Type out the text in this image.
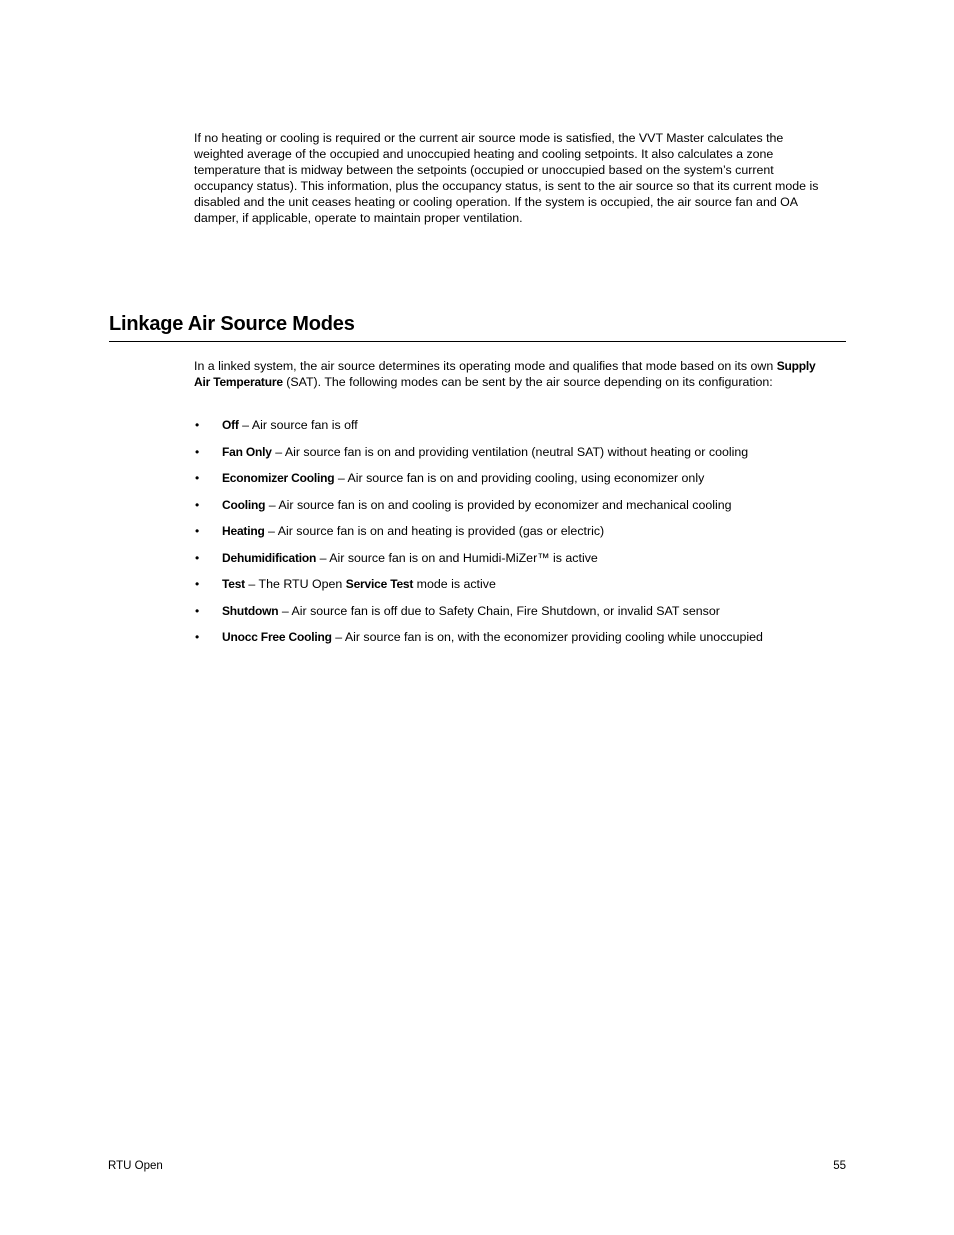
If no heating or cooling is required or the current air source mode is satisfied, the VVT Master calculates the weighted average of the occupied and unoccupied heating and cooling setpoints. It also calculates a zone temperature that is midway between the setpoints (occupied or unoccupied based on the system’s current occupancy status). This information, plus the occupancy status, is sent to the air source so that its current mode is disabled and the unit ceases heating or cooling operation. If the system is occupied, the air source fan and OA damper, if applicable, operate to maintain proper ventilation.

Linkage Air Source Modes

In a linked system, the air source determines its operating mode and qualifies that mode based on its own Supply Air Temperature (SAT). The following modes can be sent by the air source depending on its configuration:

• Off – Air source fan is off
• Fan Only – Air source fan is on and providing ventilation (neutral SAT) without heating or cooling
• Economizer Cooling – Air source fan is on and providing cooling, using economizer only
• Cooling – Air source fan is on and cooling is provided by economizer and mechanical cooling
• Heating – Air source fan is on and heating is provided (gas or electric)
• Dehumidification – Air source fan is on and Humidi-MiZer™ is active
• Test – The RTU Open Service Test mode is active
• Shutdown – Air source fan is off due to Safety Chain, Fire Shutdown, or invalid SAT sensor
• Unocc Free Cooling – Air source fan is on, with the economizer providing cooling while unoccupied
RTU Open	55
